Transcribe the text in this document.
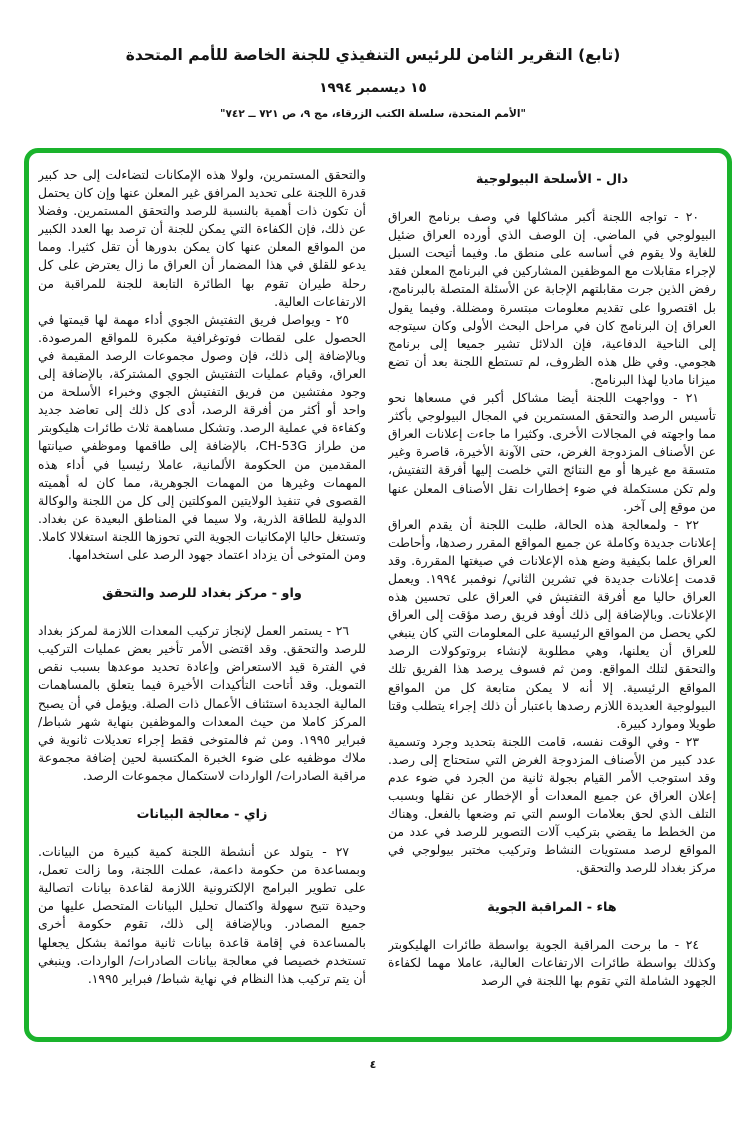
(تابع) التقرير الثامن للرئيس التنفيذي للجنة الخاصة للأمم المتحدة
١٥ ديسمبر ١٩٩٤
"الأمم المتحدة، سلسلة الكتب الزرقاء، مج ٩، ص ٧٢١ ــ ٧٤٢"
دال - الأسلحة البيولوجية

٢٠ - تواجه اللجنة أكبر مشاكلها في وصف برنامج العراق البيولوجي في الماضي. إن الوصف الذي أورده العراق ضئيل للغاية ولا يقوم في أساسه على منطق ما. وفيما أتيحت السبل لإجراء مقابلات مع الموظفين المشاركين في البرنامج المعلن فقد رفض الذين جرت مقابلتهم الإجابة عن الأسئلة المتصلة بالبرنامج، بل اقتصروا على تقديم معلومات مبتسرة ومضللة. وفيما يقول العراق إن البرنامج كان في مراحل البحث الأولى وكان سيتوجه إلى الناحية الدفاعية، فإن الدلائل تشير جميعا إلى برنامج هجومي. وفي ظل هذه الظروف، لم تستطع اللجنة بعد أن تضع ميزانا ماديا لهذا البرنامج.

٢١ - وواجهت اللجنة أيضا مشاكل أكبر في مسعاها نحو تأسيس الرصد والتحقق المستمرين في المجال البيولوجي بأكثر مما واجهته في المجالات الأخرى. وكثيرا ما جاءت إعلانات العراق عن الأصناف المزدوجة الغرض، حتى الآونة الأخيرة، قاصرة وغير متسقة مع غيرها أو مع النتائج التي خلصت إليها أفرقة التفتيش، ولم تكن مستكملة في ضوء إخطارات نقل الأصناف المعلن عنها من موقع إلى آخر.

٢٢ - ولمعالجة هذه الحالة، طلبت اللجنة أن يقدم العراق إعلانات جديدة وكاملة عن جميع المواقع المقرر رصدها، وأحاطت العراق علما بكيفية وضع هذه الإعلانات في صيغتها المقررة. وقد قدمت إعلانات جديدة في تشرين الثاني/ نوفمبر ١٩٩٤. ويعمل العراق حاليا مع أفرقة التفتيش في العراق على تحسين هذه الإعلانات. وبالإضافة إلى ذلك أوفد فريق رصد مؤقت إلى العراق لكي يحصل من المواقع الرئيسية على المعلومات التي كان ينبغي للعراق أن يعلنها، وهي مطلوبة لإنشاء بروتوكولات الرصد والتحقق لتلك المواقع. ومن ثم فسوف يرصد هذا الفريق تلك المواقع الرئيسية. إلا أنه لا يمكن متابعة كل من المواقع البيولوجية العديدة اللازم رصدها باعتبار أن ذلك إجراء يتطلب وقتا طويلا وموارد كبيرة.

٢٣ - وفي الوقت نفسه، قامت اللجنة بتحديد وجرد وتسمية عدد كبير من الأصناف المزدوجة الغرض التي ستحتاج إلى رصد. وقد استوجب الأمر القيام بجولة ثانية من الجرد في ضوء عدم إعلان العراق عن جميع المعدات أو الإخطار عن نقلها وبسبب التلف الذي لحق بعلامات الوسم التي تم وضعها بالفعل. وهناك من الخطط ما يقضي بتركيب آلات التصوير للرصد في عدد من المواقع لرصد مستويات النشاط وتركيب مختبر بيولوجي في مركز بغداد للرصد والتحقق.

هاء - المراقبة الجوية

٢٤ - ما برحت المراقبة الجوية بواسطة طائرات الهليكوبتر وكذلك بواسطة طائرات الارتفاعات العالية، عاملا مهما لكفاءة الجهود الشاملة التي تقوم بها اللجنة في الرصد

والتحقق المستمرين، ولولا هذه الإمكانات لتضاءلت إلى حد كبير قدرة اللجنة على تحديد المرافق غير المعلن عنها وإن كان يحتمل أن تكون ذات أهمية بالنسبة للرصد والتحقق المستمرين. وفضلا عن ذلك، فإن الكفاءة التي يمكن للجنة أن ترصد بها العدد الكبير من المواقع المعلن عنها كان يمكن بدورها أن تقل كثيرا. ومما يدعو للقلق في هذا المضمار أن العراق ما زال يعترض على كل رحلة طيران تقوم بها الطائرة التابعة للجنة للمراقبة من الارتفاعات العالية.

٢٥ - ويواصل فريق التفتيش الجوي أداء مهمة لها قيمتها في الحصول على لقطات فوتوغرافية مكبرة للمواقع المرصودة. وبالإضافة إلى ذلك، فإن وصول مجموعات الرصد المقيمة في العراق، وقيام عمليات التفتيش الجوي المشتركة، بالإضافة إلى وجود مفتشين من فريق التفتيش الجوي وخبراء الأسلحة من واحد أو أكثر من أفرقة الرصد، أدى كل ذلك إلى تعاضد جديد وكفاءة في عملية الرصد. وتشكل مساهمة ثلاث طائرات هليكوبتر من طراز CH-53G، بالإضافة إلى طاقمها وموظفي صيانتها المقدمين من الحكومة الألمانية، عاملا رئيسيا في أداء هذه المهمات وغيرها من المهمات الجوهرية، مما كان له أهميته القصوى في تنفيذ الولايتين الموكلتين إلى كل من اللجنة والوكالة الدولية للطاقة الذرية، ولا سيما في المناطق البعيدة عن بغداد. وتستغل حاليا الإمكانيات الجوية التي تحوزها اللجنة استغلالا كاملا. ومن المتوخى أن يزداد اعتماد جهود الرصد على استخدامها.

واو - مركز بغداد للرصد والتحقق

٢٦ - يستمر العمل لإنجاز تركيب المعدات اللازمة لمركز بغداد للرصد والتحقق. وقد اقتضى الأمر تأخير بعض عمليات التركيب في الفترة قيد الاستعراض وإعادة تحديد موعدها بسبب نقص التمويل. وقد أتاحت التأكيدات الأخيرة فيما يتعلق بالمساهمات المالية الجديدة استئناف الأعمال ذات الصلة. ويؤمل في أن يصبح المركز كاملا من حيث المعدات والموظفين بنهاية شهر شباط/ فبراير ١٩٩٥. ومن ثم فالمتوخى فقط إجراء تعديلات ثانوية في ملاك موظفيه على ضوء الخبرة المكتسبة لحين إضافة مجموعة مراقبة الصادرات/ الواردات لاستكمال مجموعات الرصد.

زاي - معالجة البيانات

٢٧ - يتولد عن أنشطة اللجنة كمية كبيرة من البيانات. وبمساعدة من حكومة داعمة، عملت اللجنة، وما زالت تعمل، على تطوير البرامج الإلكترونية اللازمة لقاعدة بيانات اتصالية وحيدة تتيح سهولة واكتمال تحليل البيانات المتحصل عليها من جميع المصادر. وبالإضافة إلى ذلك، تقوم حكومة أخرى بالمساعدة في إقامة قاعدة بيانات ثانية موائمة بشكل يجعلها تستخدم خصيصا في معالجة بيانات الصادرات/ الواردات. وينبغي أن يتم تركيب هذا النظام في نهاية شباط/ فبراير ١٩٩٥.

٤
